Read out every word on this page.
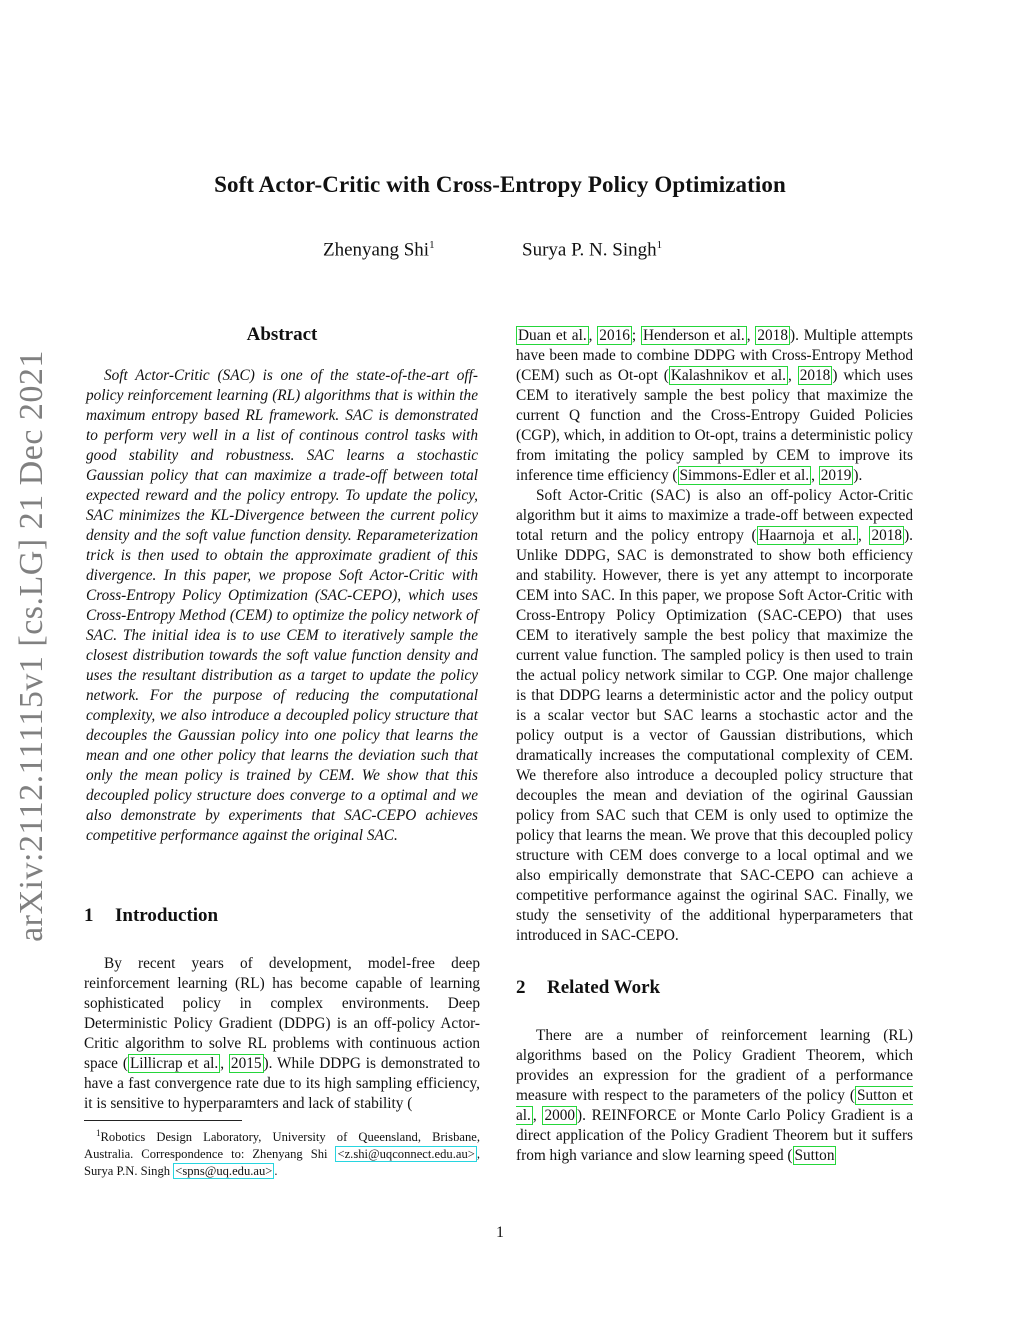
Soft Actor-Critic with Cross-Entropy Policy Optimization
Zhenyang Shi$^1$	Surya P. N. Singh$^1$
arXiv:2112.11115v1 [cs.LG] 21 Dec 2021
Abstract

Soft Actor-Critic (SAC) is one of the state-of-the-art off-policy reinforcement learning (RL) algorithms that is within the maximum entropy based RL framework. SAC is demonstrated to perform very well in a list of continous control tasks with good stability and robustness. SAC learns a stochastic Gaussian policy that can maximize a trade-off between total expected reward and the policy entropy. To update the policy, SAC minimizes the KL-Divergence between the current policy density and the soft value function density. Reparameterization trick is then used to obtain the approximate gradient of this divergence. In this paper, we propose Soft Actor-Critic with Cross-Entropy Policy Optimization (SAC-CEPO), which uses Cross-Entropy Method (CEM) to optimize the policy network of SAC. The initial idea is to use CEM to iteratively sample the closest distribution towards the soft value function density and uses the resultant distribution as a target to update the policy network. For the purpose of reducing the computational complexity, we also introduce a decoupled policy structure that decouples the Gaussian policy into one policy that learns the mean and one other policy that learns the deviation such that only the mean policy is trained by CEM. We show that this decoupled policy structure does converge to a optimal and we also demonstrate by experiments that SAC-CEPO achieves competitive performance against the original SAC.

1 Introduction

By recent years of development, model-free deep reinforcement learning (RL) has become capable of learning sophisticated policy in complex environments. Deep Deterministic Policy Gradient (DDPG) is an off-policy Actor-Critic algorithm to solve RL problems with continuous action space ( Lillicrap et al. , 2015 ). While DDPG is demonstrated to have a fast convergence rate due to its high sampling efficiency, it is sensitive to hyperparamters and lack of stability (

$^1$Robotics Design Laboratory, University of Queensland, Brisbane, Australia. Correspondence to: Zhenyang Shi <z.shi@uqconnect.edu.au> , Surya P.N. Singh <spns@uq.edu.au> .

Duan et al. , 2016 ; Henderson et al. , 2018 ). Multiple attempts have been made to combine DDPG with Cross-Entropy Method (CEM) such as Ot-opt ( Kalashnikov et al. , 2018 ) which uses CEM to iteratively sample the best policy that maximize the current Q function and the Cross-Entropy Guided Policies (CGP), which, in addition to Ot-opt, trains a deterministic policy from imitating the policy sampled by CEM to improve its inference time efficiency ( Simmons-Edler et al. , 2019 ).

Soft Actor-Critic (SAC) is also an off-policy Actor-Critic algorithm but it aims to maximize a trade-off between expected total return and the policy entropy ( Haarnoja et al. , 2018 ). Unlike DDPG, SAC is demonstrated to show both efficiency and stability. However, there is yet any attempt to incorporate CEM into SAC. In this paper, we propose Soft Actor-Critic with Cross-Entropy Policy Optimization (SAC-CEPO) that uses CEM to iteratively sample the best policy that maximize the current value function. The sampled policy is then used to train the actual policy network similar to CGP. One major challenge is that DDPG learns a deterministic actor and the policy output is a scalar vector but SAC learns a stochastic actor and the policy output is a vector of Gaussian distributions, which dramatically increases the computational complexity of CEM. We therefore also introduce a decoupled policy structure that decouples the mean and deviation of the ogirinal Gaussian policy from SAC such that CEM is only used to optimize the policy that learns the mean. We prove that this decoupled policy structure with CEM does converge to a local optimal and we also empirically demonstrate that SAC-CEPO can achieve a competitive performance against the ogirinal SAC. Finally, we study the sensetivity of the additional hyperparameters that introduced in SAC-CEPO.

2 Related Work

There are a number of reinforcement learning (RL) algorithms based on the Policy Gradient Theorem, which provides an expression for the gradient of a performance measure with respect to the parameters of the policy ( Sutton et al. , 2000 ). REINFORCE or Monte Carlo Policy Gradient is a direct application of the Policy Gradient Theorem but it suffers from high variance and slow learning speed ( Sutton

1
